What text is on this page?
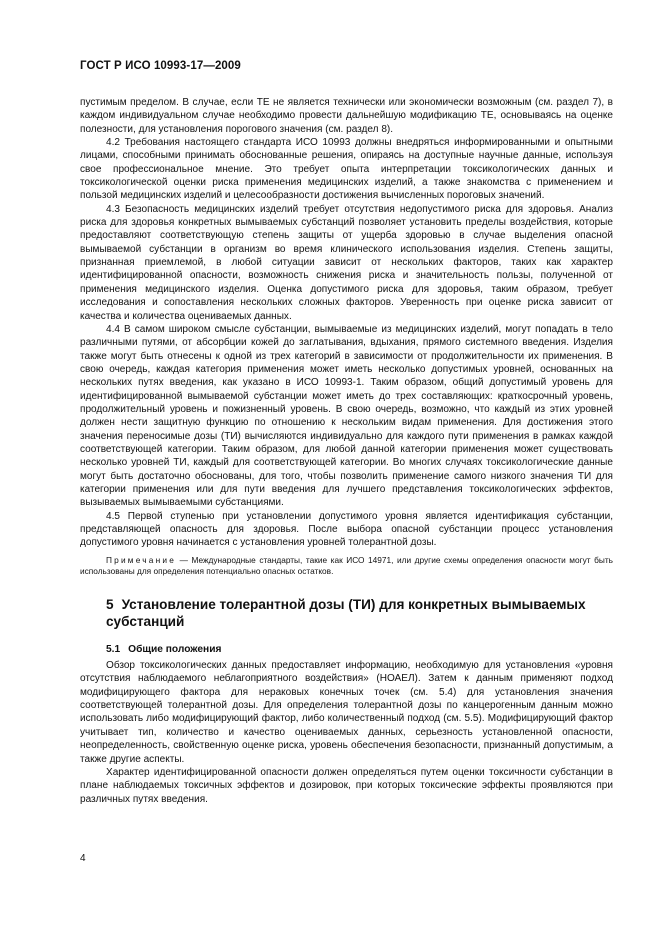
ГОСТ Р ИСО 10993-17—2009

пустимым пределом. В случае, если ТЕ не является технически или экономически возможным (см. раздел 7), в каждом индивидуальном случае необходимо провести дальнейшую модификацию ТЕ, основываясь на оценке полезности, для установления порогового значения (см. раздел 8).

4.2 Требования настоящего стандарта ИСО 10993 должны внедряться информированными и опытными лицами, способными принимать обоснованные решения, опираясь на доступные научные данные, используя свое профессиональное мнение. Это требует опыта интерпретации токсикологических данных и токсикологической оценки риска применения медицинских изделий, а также знакомства с применением и пользой медицинских изделий и целесообразности достижения вычисленных пороговых значений.

4.3 Безопасность медицинских изделий требует отсутствия недопустимого риска для здоровья. Анализ риска для здоровья конкретных вымываемых субстанций позволяет установить пределы воздействия, которые предоставляют соответствующую степень защиты от ущерба здоровью в случае выделения опасной вымываемой субстанции в организм во время клинического использования изделия. Степень защиты, признанная приемлемой, в любой ситуации зависит от нескольких факторов, таких как характер идентифицированной опасности, возможность снижения риска и значительность пользы, полученной от применения медицинского изделия. Оценка допустимого риска для здоровья, таким образом, требует исследования и сопоставления нескольких сложных факторов. Уверенность при оценке риска зависит от качества и количества оцениваемых данных.

4.4 В самом широком смысле субстанции, вымываемые из медицинских изделий, могут попадать в тело различными путями, от абсорбции кожей до заглатывания, вдыхания, прямого системного введения. Изделия также могут быть отнесены к одной из трех категорий в зависимости от продолжительности их применения. В свою очередь, каждая категория применения может иметь несколько допустимых уровней, основанных на нескольких путях введения, как указано в ИСО 10993-1. Таким образом, общий допустимый уровень для идентифицированной вымываемой субстанции может иметь до трех составляющих: краткосрочный уровень, продолжительный уровень и пожизненный уровень. В свою очередь, возможно, что каждый из этих уровней должен нести защитную функцию по отношению к нескольким видам применения. Для достижения этого значения переносимые дозы (ТИ) вычисляются индивидуально для каждого пути применения в рамках каждой соответствующей категории. Таким образом, для любой данной категории применения может существовать несколько уровней ТИ, каждый для соответствующей категории. Во многих случаях токсикологические данные могут быть достаточно обоснованы, для того, чтобы позволить применение самого низкого значения ТИ для категории применения или для пути введения для лучшего представления токсикологических эффектов, вызываемых вымываемыми субстанциями.

4.5 Первой ступенью при установлении допустимого уровня является идентификация субстанции, представляющей опасность для здоровья. После выбора опасной субстанции процесс установления допустимого уровня начинается с установления уровней толерантной дозы.

Примечание — Международные стандарты, такие как ИСО 14971, или другие схемы определения опасности могут быть использованы для определения потенциально опасных остатков.

5 Установление толерантной дозы (ТИ) для конкретных вымываемых субстанций
5.1 Общие положения

Обзор токсикологических данных предоставляет информацию, необходимую для установления «уровня отсутствия наблюдаемого неблагоприятного воздействия» (НОАЕЛ). Затем к данным применяют подход модифицирующего фактора для нераковых конечных точек (см. 5.4) для установления значения соответствующей толерантной дозы. Для определения толерантной дозы по канцерогенным данным можно использовать либо модифицирующий фактор, либо количественный подход (см. 5.5). Модифицирующий фактор учитывает тип, количество и качество оцениваемых данных, серьезность установленной опасности, неопределенность, свойственную оценке риска, уровень обеспечения безопасности, признанный допустимым, а также другие аспекты.

Характер идентифицированной опасности должен определяться путем оценки токсичности субстанции в плане наблюдаемых токсичных эффектов и дозировок, при которых токсические эффекты проявляются при различных путях введения.

4
